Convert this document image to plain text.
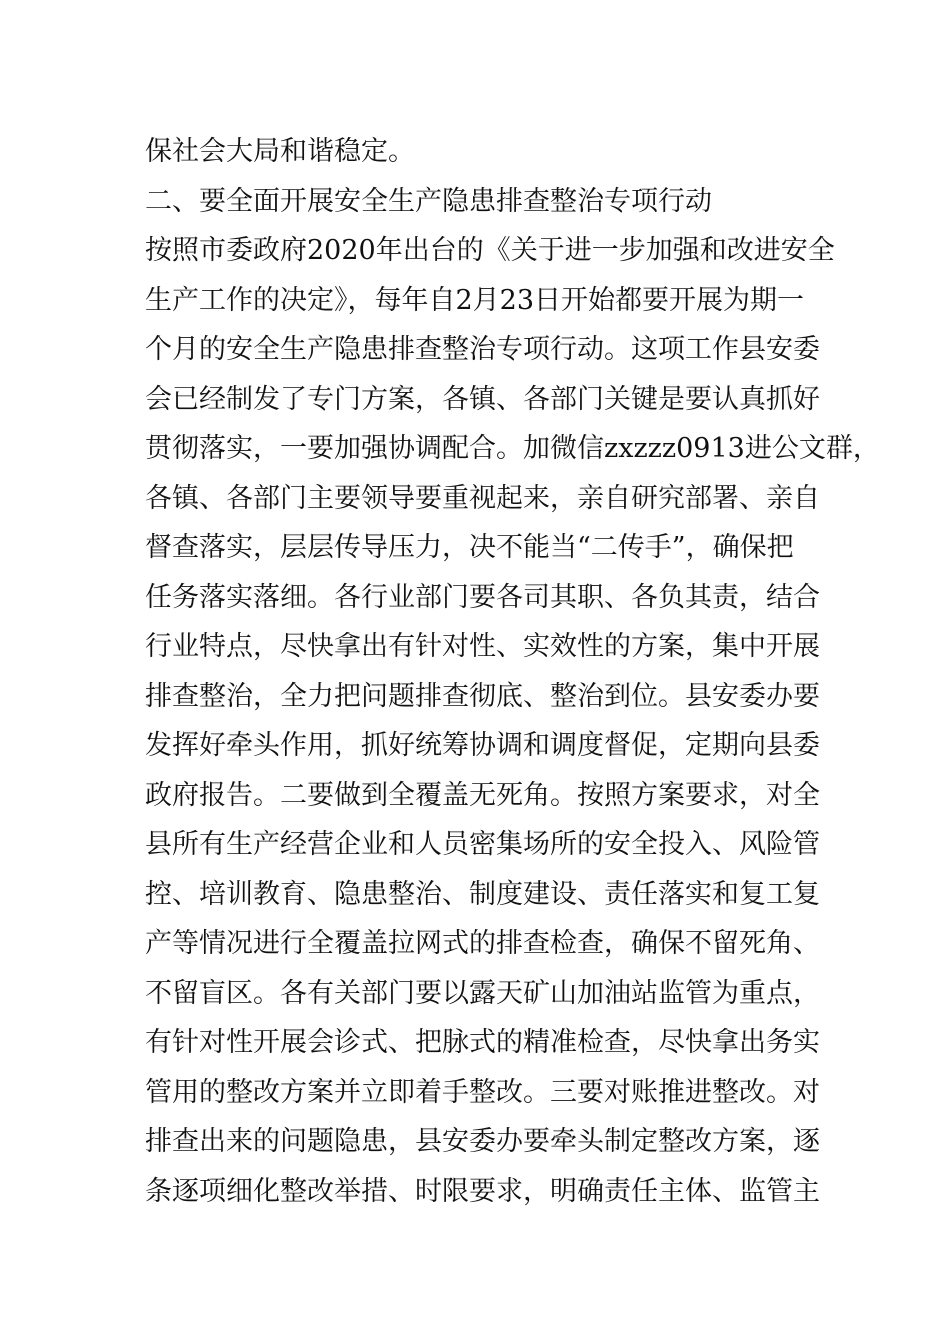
保社会大局和谐稳定。
二、要全面开展安全生产隐患排查整治专项行动
按照市委政府2020年出台的《关于进一步加强和改进安全
生产工作的决定》，每年自2月23日开始都要开展为期一
个月的安全生产隐患排查整治专项行动。这项工作县安委
会已经制发了专门方案，各镇、各部门关键是要认真抓好
贯彻落实，一要加强协调配合。加微信zxzzz0913进公文群，
各镇、各部门主要领导要重视起来，亲自研究部署、亲自
督查落实，层层传导压力，决不能当“二传手”，确保把
任务落实落细。各行业部门要各司其职、各负其责，结合
行业特点，尽快拿出有针对性、实效性的方案，集中开展
排查整治，全力把问题排查彻底、整治到位。县安委办要
发挥好牵头作用，抓好统筹协调和调度督促，定期向县委
政府报告。二要做到全覆盖无死角。按照方案要求，对全
县所有生产经营企业和人员密集场所的安全投入、风险管
控、培训教育、隐患整治、制度建设、责任落实和复工复
产等情况进行全覆盖拉网式的排查检查，确保不留死角、
不留盲区。各有关部门要以露天矿山加油站监管为重点，
有针对性开展会诊式、把脉式的精准检查，尽快拿出务实
管用的整改方案并立即着手整改。三要对账推进整改。对
排查出来的问题隐患，县安委办要牵头制定整改方案，逐
条逐项细化整改举措、时限要求，明确责任主体、监管主
